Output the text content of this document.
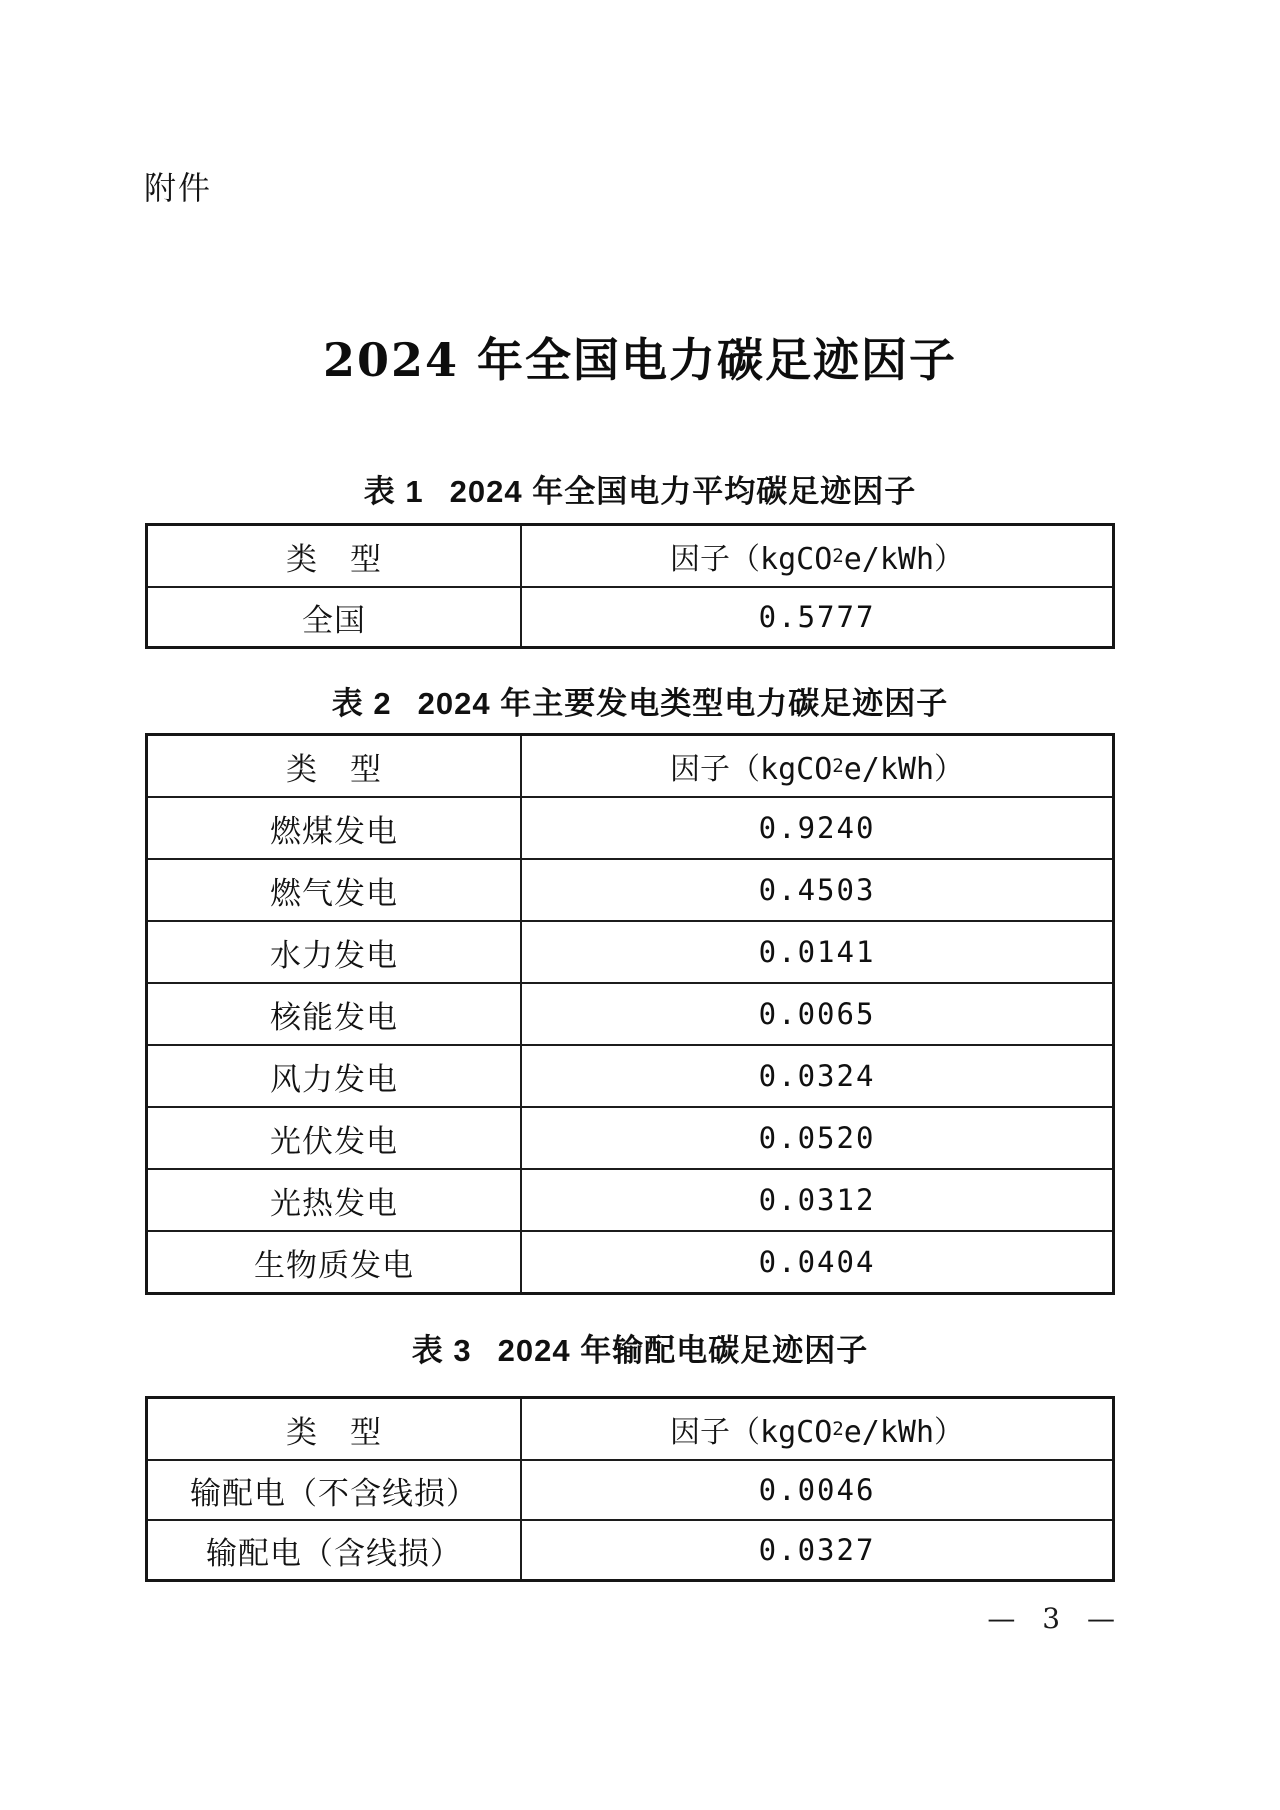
附件
2024 年全国电力碳足迹因子
表 1 2024 年全国电力平均碳足迹因子
类　型	因子（kgCO 2 e/kWh）
全国	0.5777
表 2 2024 年主要发电类型电力碳足迹因子
类　型	因子（kgCO 2 e/kWh）
燃煤发电	0.9240
燃气发电	0.4503
水力发电	0.0141
核能发电	0.0065
风力发电	0.0324
光伏发电	0.0520
光热发电	0.0312
生物质发电	0.0404
表 3 2024 年输配电碳足迹因子
类　型	因子（kgCO 2 e/kWh）
输配电（不含线损）	0.0046
输配电（含线损）	0.0327
— 3 —
